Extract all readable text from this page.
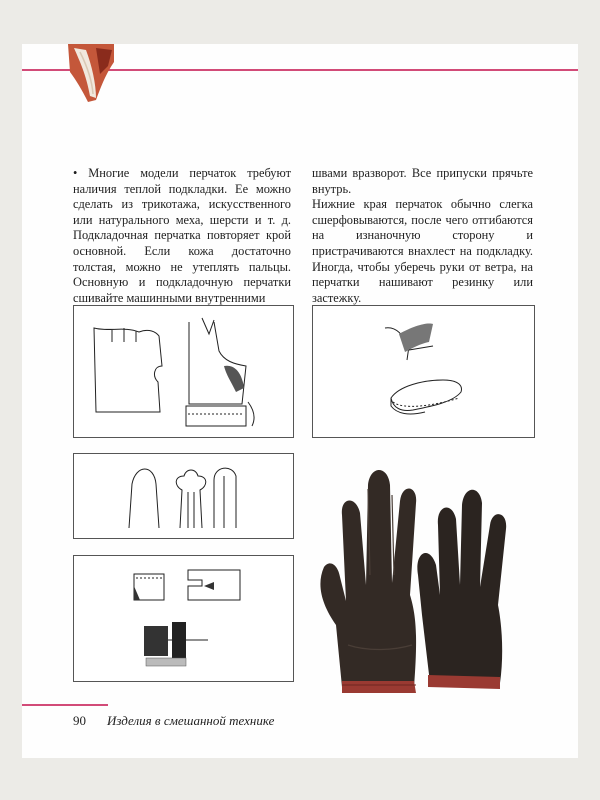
• Многие модели перчаток требуют наличия теплой подкладки. Ее можно сделать из трикотажа, искусственного или натурального меха, шерсти и т. д. Подкладочная перчатка повторяет крой основной. Если кожа достаточно толстая, можно не утеплять пальцы. Основную и подкладочную перчатки сшивайте машинными внутренними

швами вразворот. Все припуски прячьте внутрь.

Нижние края перчаток обычно слегка сшерфовываются, после чего отгибаются на изнаночную сторону и пристрачиваются внахлест на подкладку. Иногда, чтобы уберечь руки от ветра, на перчатки нашивают резинку или застежку.

90 Изделия в смешанной технике
